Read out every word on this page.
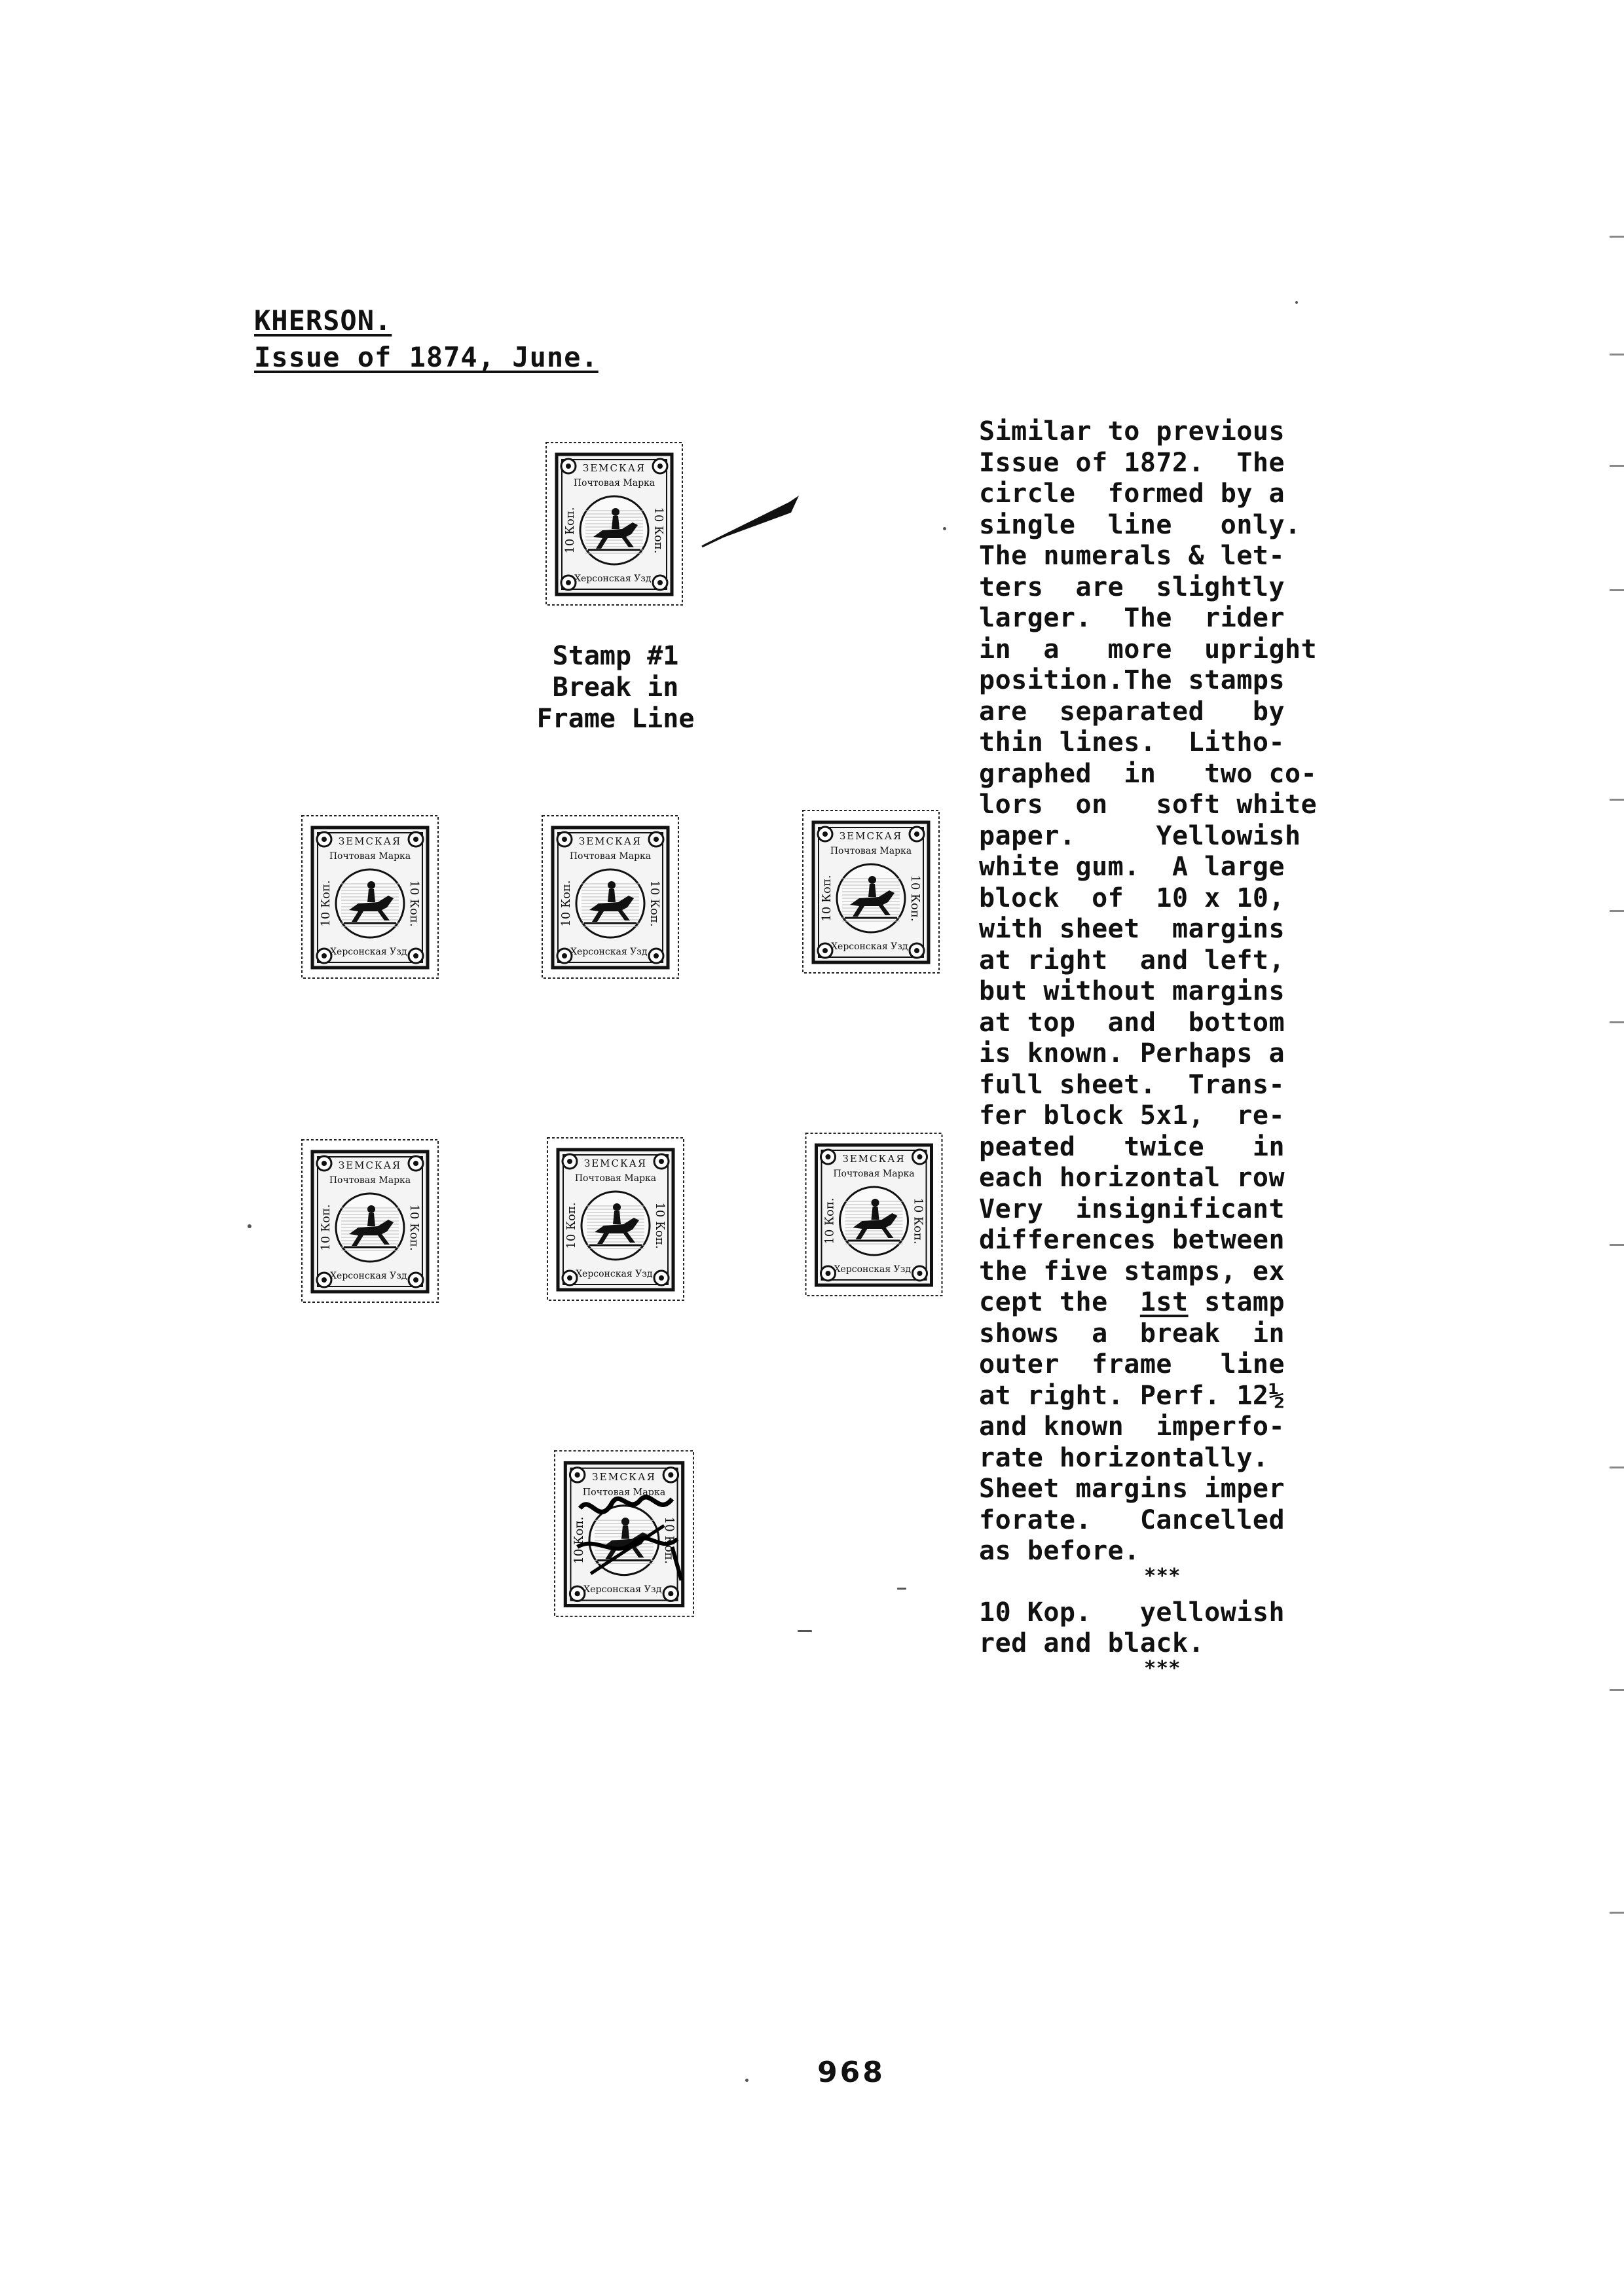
KHERSON.
Issue of 1874, June.
ЗЕМСКАЯ
Почтовая Марка
10 Коп.	10 Коп.
Херсонская Узд.
Stamp #1
Break in
Frame Line
ЗЕМСКАЯ
Почтовая Марка
10 Коп.	10 Коп.
Херсонская Узд.
ЗЕМСКАЯ
Почтовая Марка
10 Коп.	10 Коп.
Херсонская Узд.
ЗЕМСКАЯ
Почтовая Марка
10 Коп.	10 Коп.
Херсонская Узд.
ЗЕМСКАЯ
Почтовая Марка
10 Коп.	10 Коп.
Херсонская Узд.
ЗЕМСКАЯ
Почтовая Марка
10 Коп.	10 Коп.
Херсонская Узд.
ЗЕМСКАЯ
Почтовая Марка
10 Коп.	10 Коп.
Херсонская Узд.
ЗЕМСКАЯ
Почтовая Марка
10 Коп.	10 Коп.
Херсонская Узд.
Similar to previous
Issue of 1872.  The
circle  formed by a
single  line   only.
The numerals & let-
ters  are  slightly
larger.  The  rider
in  a   more  upright
position.The stamps
are  separated   by
thin lines.  Litho-
graphed  in   two co-
lors  on   soft white
paper.     Yellowish
white gum.  A large
block  of  10 x 10,
with sheet  margins
at right  and left,
but without margins
at top  and  bottom
is known. Perhaps a
full sheet.  Trans-
fer block 5x1,  re-
peated   twice   in
each horizontal row
Very  insignificant
differences between
the five stamps, ex
cept the  1st stamp
shows  a  break  in
outer  frame   line
at right. Perf. 12½
and known  imperfo-
rate horizontally.
Sheet margins imper
forate.   Cancelled
as before.
***
10 Kop.   yellowish
red and black.
***
968
